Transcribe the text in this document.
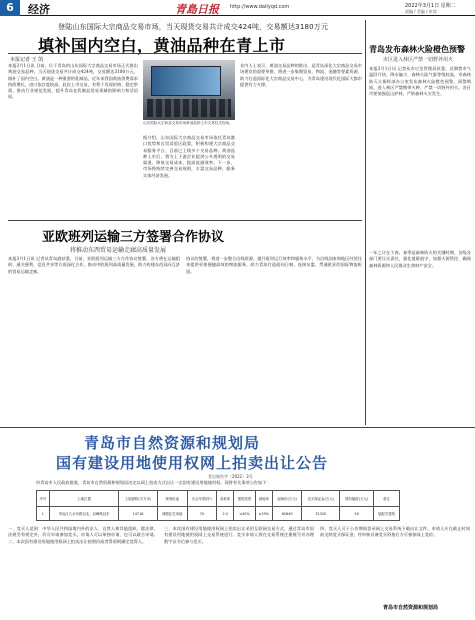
6	经济	青島日报 http://www.dailyqd.com	2022年3月1日 星期二
责编 / 美编 / 审读
登陆山东国际大宗商品交易市场，当天现货交易共计成交424吨，交易额达3180万元
填补国内空白，黄油品种在青上市
本报记者 王 凯
本报3月1日讯 日前，位于青岛的山东国际大宗商品交易市场正式推出黄油交易品种。当天现货交易共计成交424吨，交易额达3180万元，填补了国内空白。黄油是一种重要的乳制品，近年来我国黄油消费需求持续增长，进口依存度较高。此次上市交易，有利于发现价格、稳定供需，推动行业规范发展，提升青岛在乳制品贸易领域的影响力和话语权。
山东国际大宗商品交易市场黄油品种上市交易仪式现场。
据介绍，山东国际大宗商品交易市场依托青岛港口优势和自贸试验区政策，积极构建大宗商品交易服务平台，目前已上线多个交易品种。黄油品种上市后，将为上下游企业提供公开透明的交易渠道，降低交易成本，提高流通效率。下一步，市场将持续完善交易规则，丰富交易品种，服务实体经济发展。
业内人士表示，黄油交易品种的推出，是青岛深化大宗商品交易市场建设的重要举措，将进一步集聚贸易、物流、金融等要素资源，助力打造国际化大宗商品交易中心，为青岛建设现代化国际大都市提供有力支撑。
青岛发布森林火险橙色预警
市区进入林区严禁一切野外用火
本报3月1日讯 记者从市应急管理局获悉，近期我市气温回升快，降水偏少，森林火险气象等级较高，市森林防灭火指挥部办公室发布森林火险橙色预警。预警期间，进入林区严禁携带火种，严禁一切野外用火。各区市要加强巡山护林，严防森林火灾发生。
一年之计在于春。春季是森林防火的关键时期，各级各部门要压实责任，强化值班值守，加强火源管控，确保森林资源和人民群众生命财产安全。
亚欧班列运输三方签署合作协议
将推动东西贸易运输走廊高质量发展
本报3月1日讯 记者从青岛港获悉，日前，亚欧班列运输三方合作协议签署，各方将在运输组织、通关便利、信息共享等方面深化合作，推动中欧班列高质量发展，助力构建东西双向互济的贸易运输走廊。
协议的签署，将进一步整合沿线资源，提升班列运行效率和服务水平，为沿线国家和地区经贸往来提供更加便捷高效的物流服务，助力青岛打造面向日韩、连接东盟、贯通欧亚的国际物流枢纽。
青岛市自然资源和规划局
国有建设用地使用权网上拍卖出让公告
青自规告字〔2022〕3号
经青岛市人民政府批准，青岛市自然资源和规划局决定以网上拍卖方式出让一宗国有建设用地使用权。现将有关事项公告如下：
序号	土地位置	土地面积(平方米)	规划用途	出让年限(年)	容积率	建筑密度	绿地率	起始价(万元)	竞买保证金(万元)	增价幅度(万元)	备注
1	李沧区九水东路以北、双峰路以东	14718	城镇住宅用地	70	2.0	≤30%	≥35%	62640	31320	50	装配式建筑
一、竞买人范围：中华人民共和国境内外的法人、自然人和其他组织，除法律、法规另有规定外，均可申请参加竞买。申请人可以单独申请，也可以联合申请。二、本次国有建设用地使用权网上拍卖出让按照价高者得原则确定竞得人。
三、本次国有建设用地使用权网上拍卖出让采用互联网交易方式，通过青岛市国有建设用地使用权网上交易系统进行。竞买申请人须在交易系统注册账号并办理数字证书后参与竞买。
四、竞买人可于公告期间登录网上交易系统下载出让文件。申请人应在截止时间前交纳竞买保证金，经审核具备竞买资格后方可参加网上竞价。
青岛市自然资源和规划局
